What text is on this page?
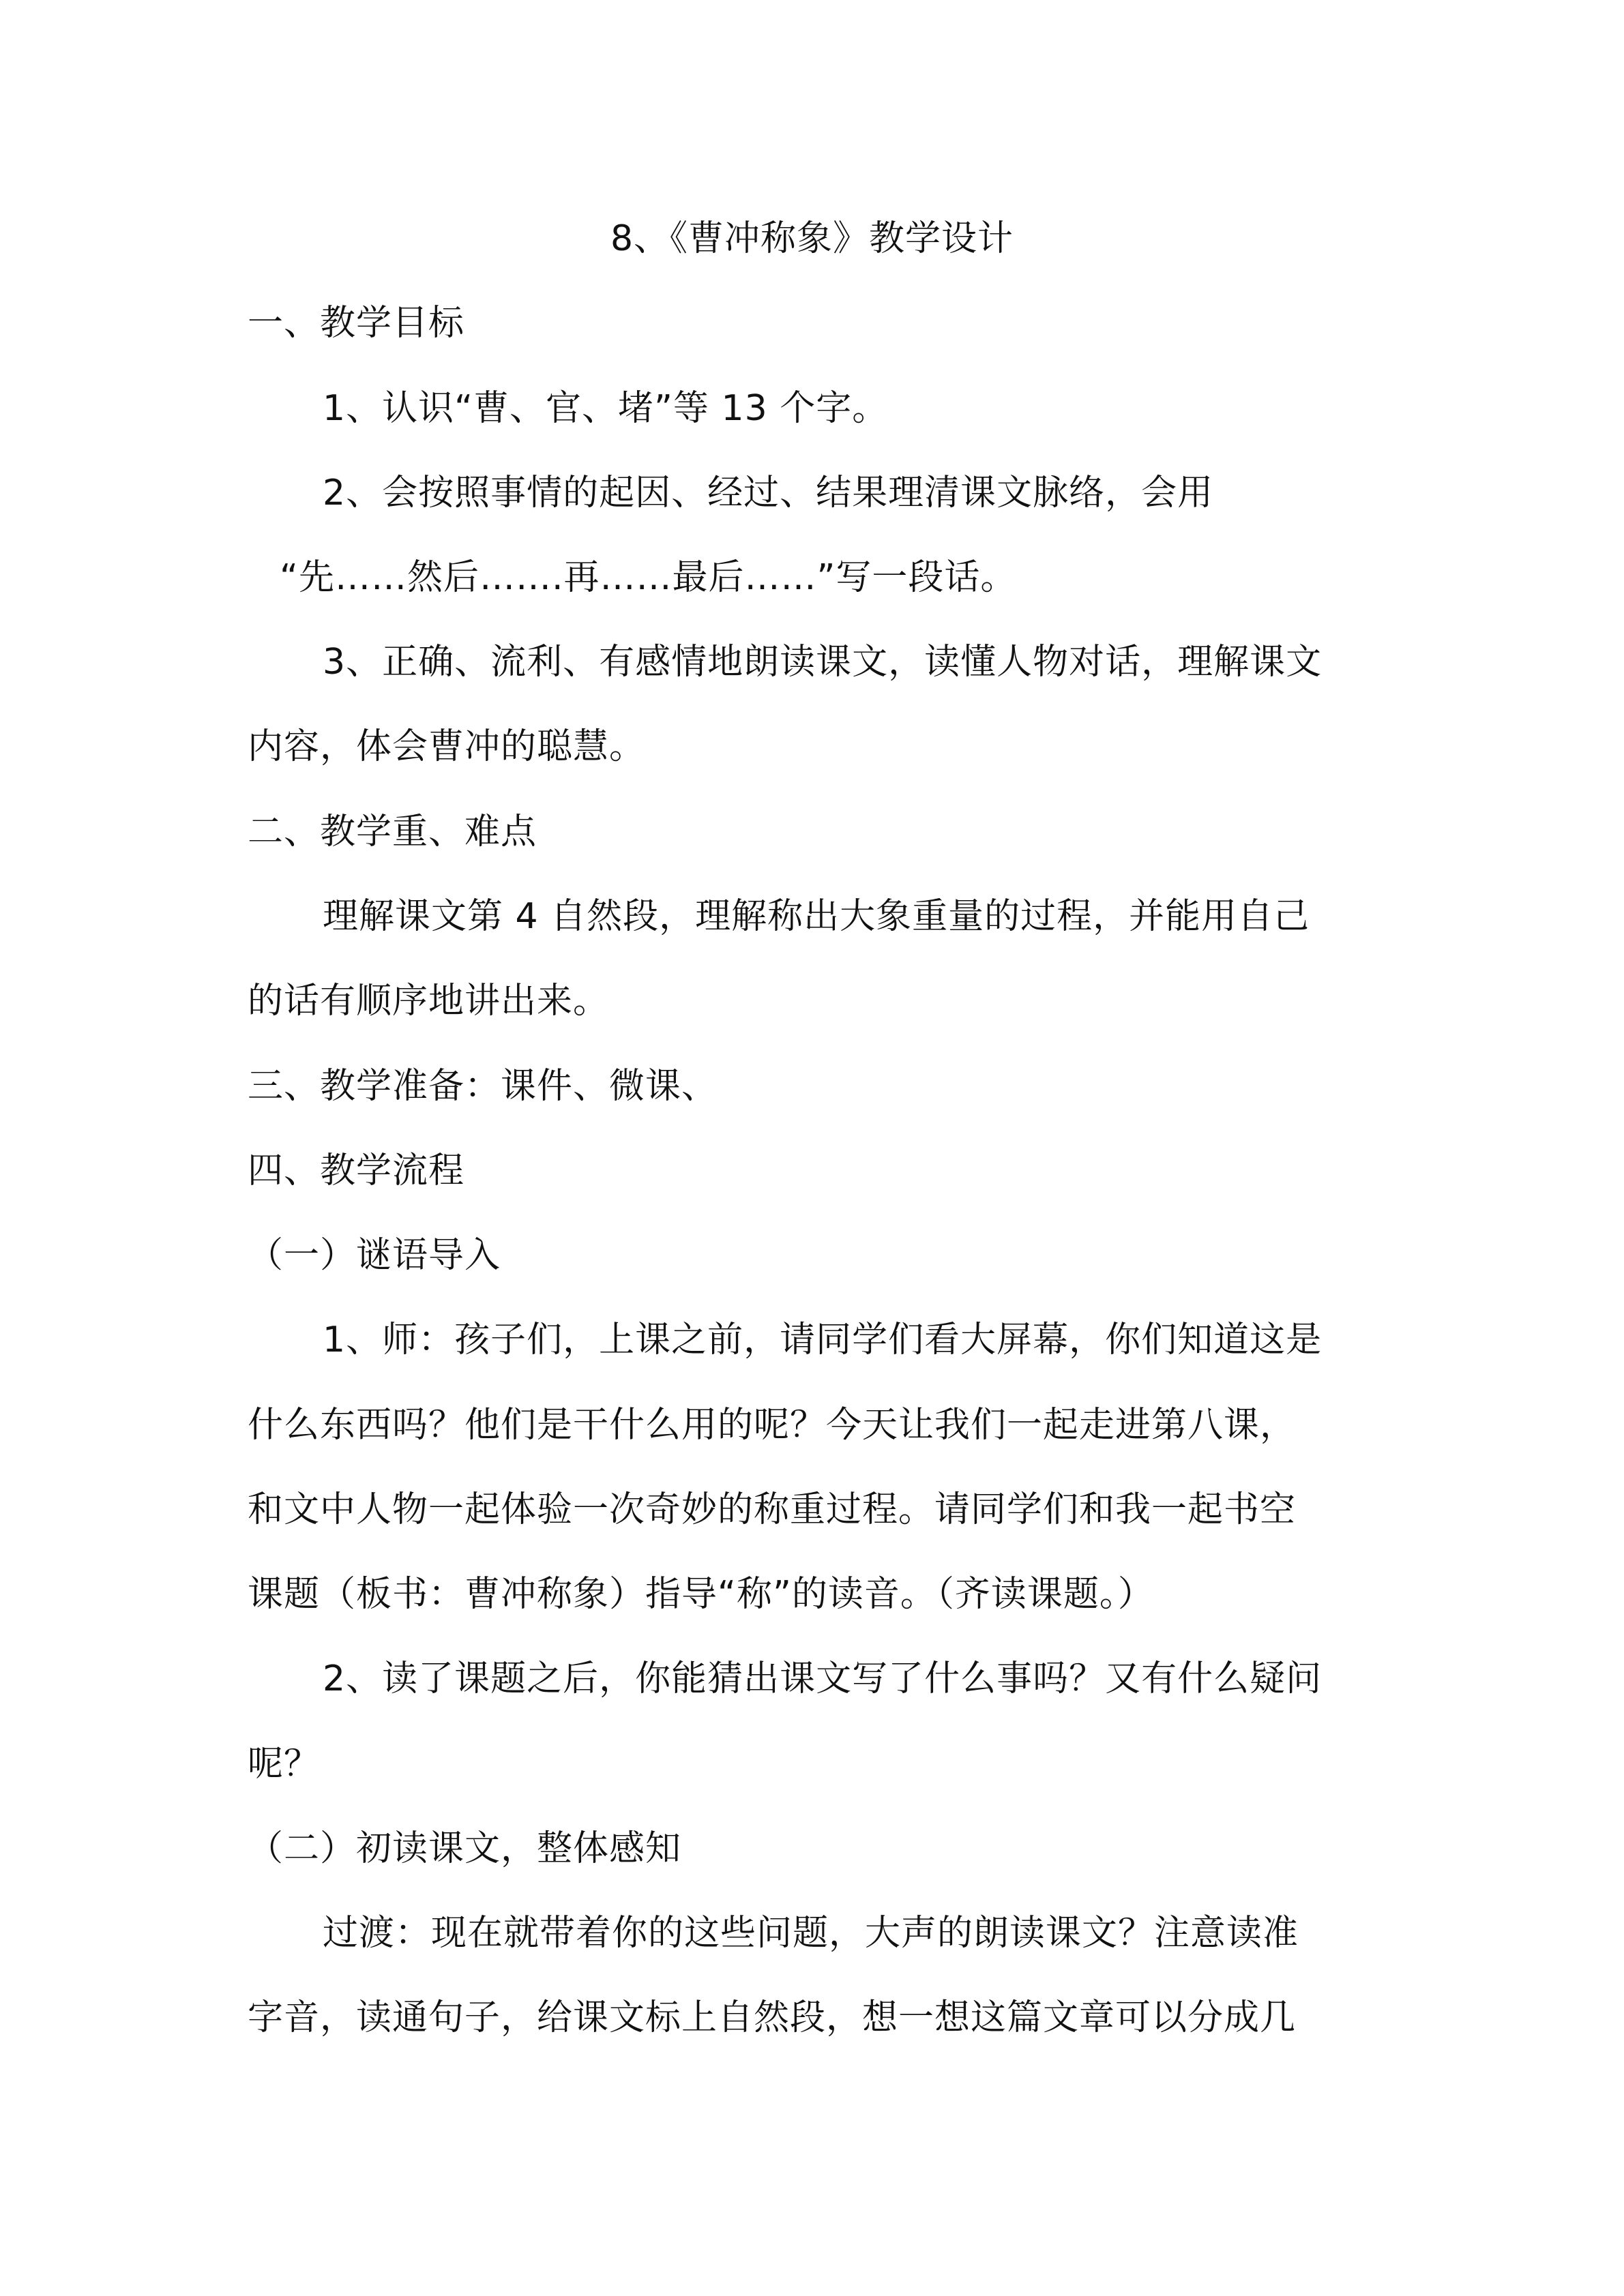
8、《曹冲称象》教学设计
一、教学目标
1、认识“曹、官、堵”等 13 个字。
2、会按照事情的起因、经过、结果理清课文脉络，会用
“先……然后…….再……最后……”写一段话。
3、正确、流利、有感情地朗读课文，读懂人物对话，理解课文
内容，体会曹冲的聪慧。
二、教学重、难点
理解课文第 4 自然段，理解称出大象重量的过程，并能用自己
的话有顺序地讲出来。
三、教学准备：课件、微课、
四、教学流程
（一）谜语导入
1、师：孩子们，上课之前，请同学们看大屏幕，你们知道这是
什么东西吗？他们是干什么用的呢？今天让我们一起走进第八课，
和文中人物一起体验一次奇妙的称重过程。请同学们和我一起书空
课题（板书：曹冲称象）指导“称”的读音。（齐读课题。）
2、读了课题之后，你能猜出课文写了什么事吗？又有什么疑问
呢？
（二）初读课文，整体感知
过渡：现在就带着你的这些问题，大声的朗读课文？注意读准
字音，读通句子，给课文标上自然段，想一想这篇文章可以分成几
